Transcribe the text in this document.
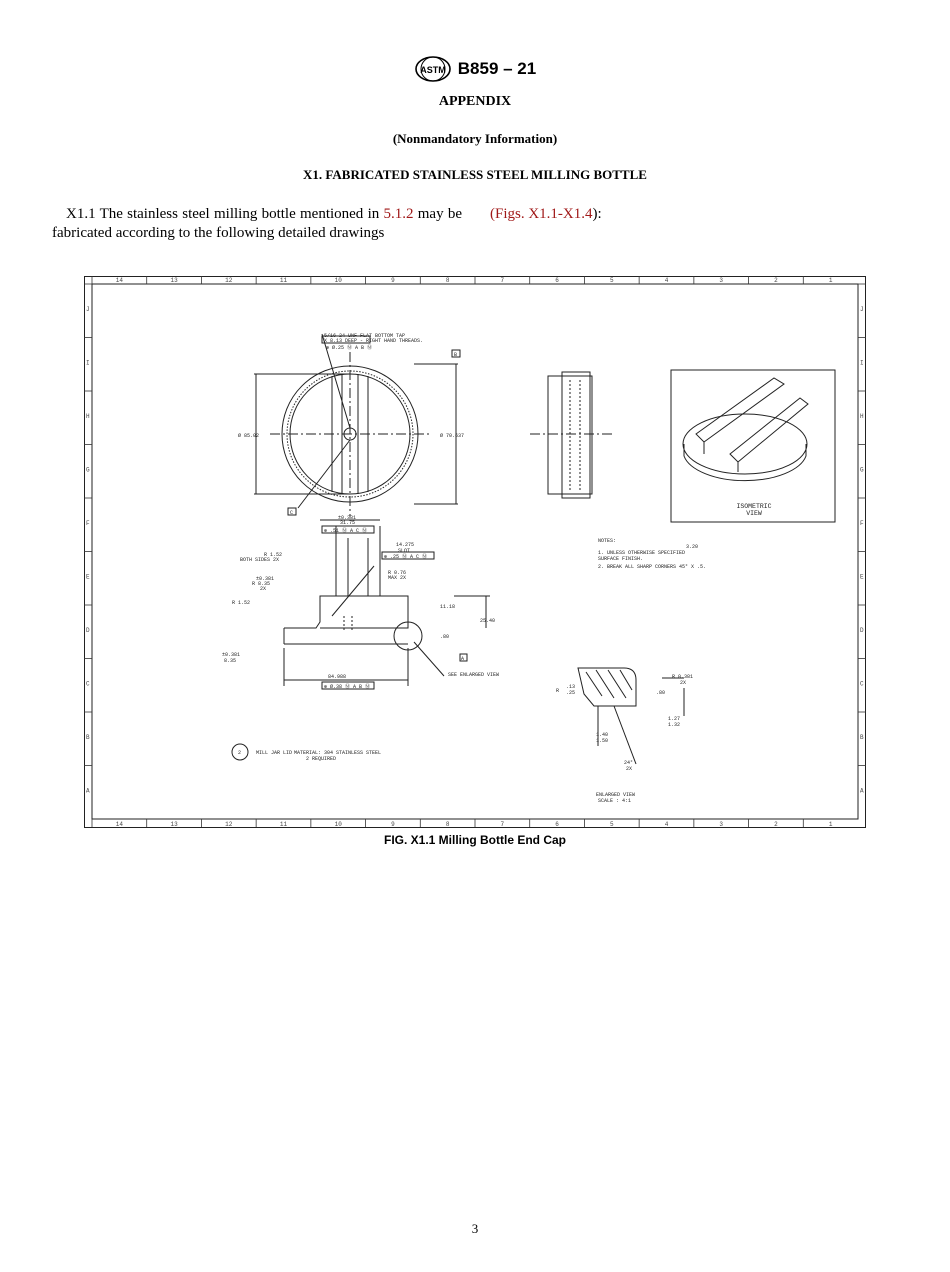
ASTM B859 – 21
APPENDIX
(Nonmandatory Information)
X1. FABRICATED STAINLESS STEEL MILLING BOTTLE
X1.1 The stainless steel milling bottle mentioned in 5.1.2 may be fabricated according to the following detailed drawings
(Figs. X1.1-X1.4):
14
14
13
13
12
12
11
11
10
10
9
9
8
8
7
7
6
6
5
5
4
4
3
3
2
2
1
1
J	J
I	I
H	H
G	G
F	F
E	E
D	D
C	C
B	B
A	A
5/16-24 UNF FLAT BOTTOM TAP
X 8.13 DEEP - RIGHT HAND THREADS.
⊕ Ø.25 Ⓜ A B Ⓜ
Ø 85.02	Ø 70.637
B
C
ISOMETRIC
VIEW
±0.381
31.75
⊕ .51 Ⓜ A C Ⓜ
14.275
SLOT
⊕ .25 Ⓜ A C Ⓜ
R 1.52
BOTH SIDES 2X
±0.381
R 8.35
2X
R 1.52
R 0.76
MAX 2X
11.18
25.40
.80
±0.381
8.35
84.988
⊕ Ø.38 Ⓜ A B Ⓜ
SEE ENLARGED VIEW
A
NOTES:
3.20
1. UNLESS OTHERWISE SPECIFIED
SURFACE FINISH.
2. BREAK ALL SHARP CORNERS 45° X .5.
R 0.381
2X
.13
.25
R	.80
1.27
1.32
1.40
1.50
24°
2X
ENLARGED VIEW
SCALE : 4:1
2	MILL JAR LID MATERIAL: 304 STAINLESS STEEL
2 REQUIRED
FIG. X1.1 Milling Bottle End Cap
3
